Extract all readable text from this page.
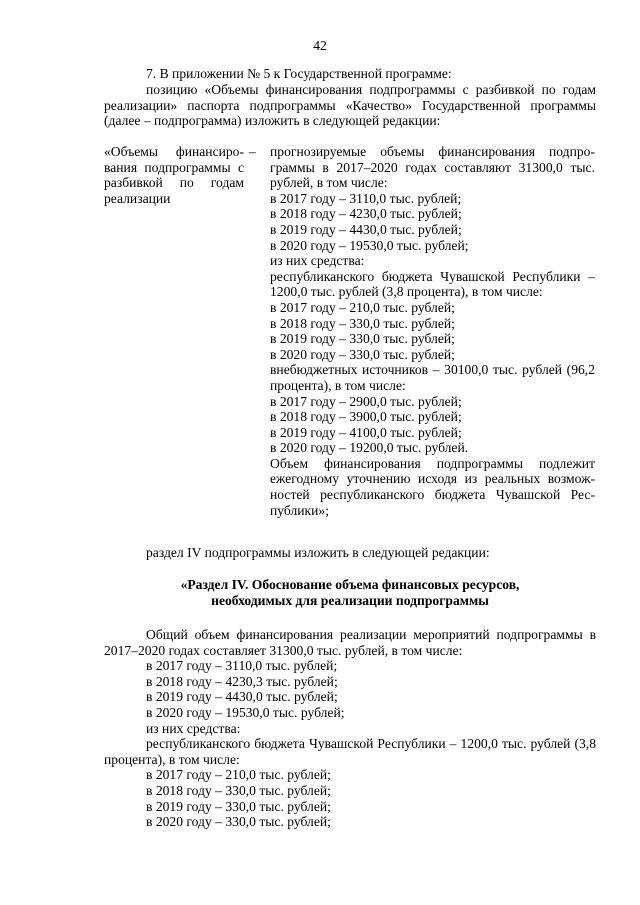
42
7. В приложении № 5 к Государственной программе:
позицию «Объемы финансирования подпрограммы с разбивкой по годам реализации» паспорта подпрограммы «Качество» Государственной программы (далее – подпрограмма) изложить в следующей редакции:
«Объемы финансиро-вания подпрограммы с разбивкой по годам реализации
– прогнозируемые объемы финансирования подпро-граммы в 2017–2020 годах составляют 31300,0 тыс. рублей, в том числе:
в 2017 году – 3110,0 тыс. рублей;
в 2018 году – 4230,0 тыс. рублей;
в 2019 году – 4430,0 тыс. рублей;
в 2020 году – 19530,0 тыс. рублей;
из них средства:
республиканского бюджета Чувашской Республики – 1200,0 тыс. рублей (3,8 процента), в том числе:
в 2017 году – 210,0 тыс. рублей;
в 2018 году – 330,0 тыс. рублей;
в 2019 году – 330,0 тыс. рублей;
в 2020 году – 330,0 тыс. рублей;
внебюджетных источников – 30100,0 тыс. рублей (96,2 процента), в том числе:
в 2017 году – 2900,0 тыс. рублей;
в 2018 году – 3900,0 тыс. рублей;
в 2019 году – 4100,0 тыс. рублей;
в 2020 году – 19200,0 тыс. рублей.
Объем финансирования подпрограммы подлежит ежегодному уточнению исходя из реальных возмож-ностей республиканского бюджета Чувашской Рес-публики»;
раздел IV подпрограммы изложить в следующей редакции:
«Раздел IV. Обоснование объема финансовых ресурсов,
необходимых для реализации подпрограммы
Общий объем финансирования реализации мероприятий подпрограммы в 2017–2020 годах составляет 31300,0 тыс. рублей, в том числе:
в 2017 году – 3110,0 тыс. рублей;
в 2018 году – 4230,3 тыс. рублей;
в 2019 году – 4430,0 тыс. рублей;
в 2020 году – 19530,0 тыс. рублей;
из них средства:
республиканского бюджета Чувашской Республики – 1200,0 тыс. рублей (3,8 процента), в том числе:
в 2017 году – 210,0 тыс. рублей;
в 2018 году – 330,0 тыс. рублей;
в 2019 году – 330,0 тыс. рублей;
в 2020 году – 330,0 тыс. рублей;
